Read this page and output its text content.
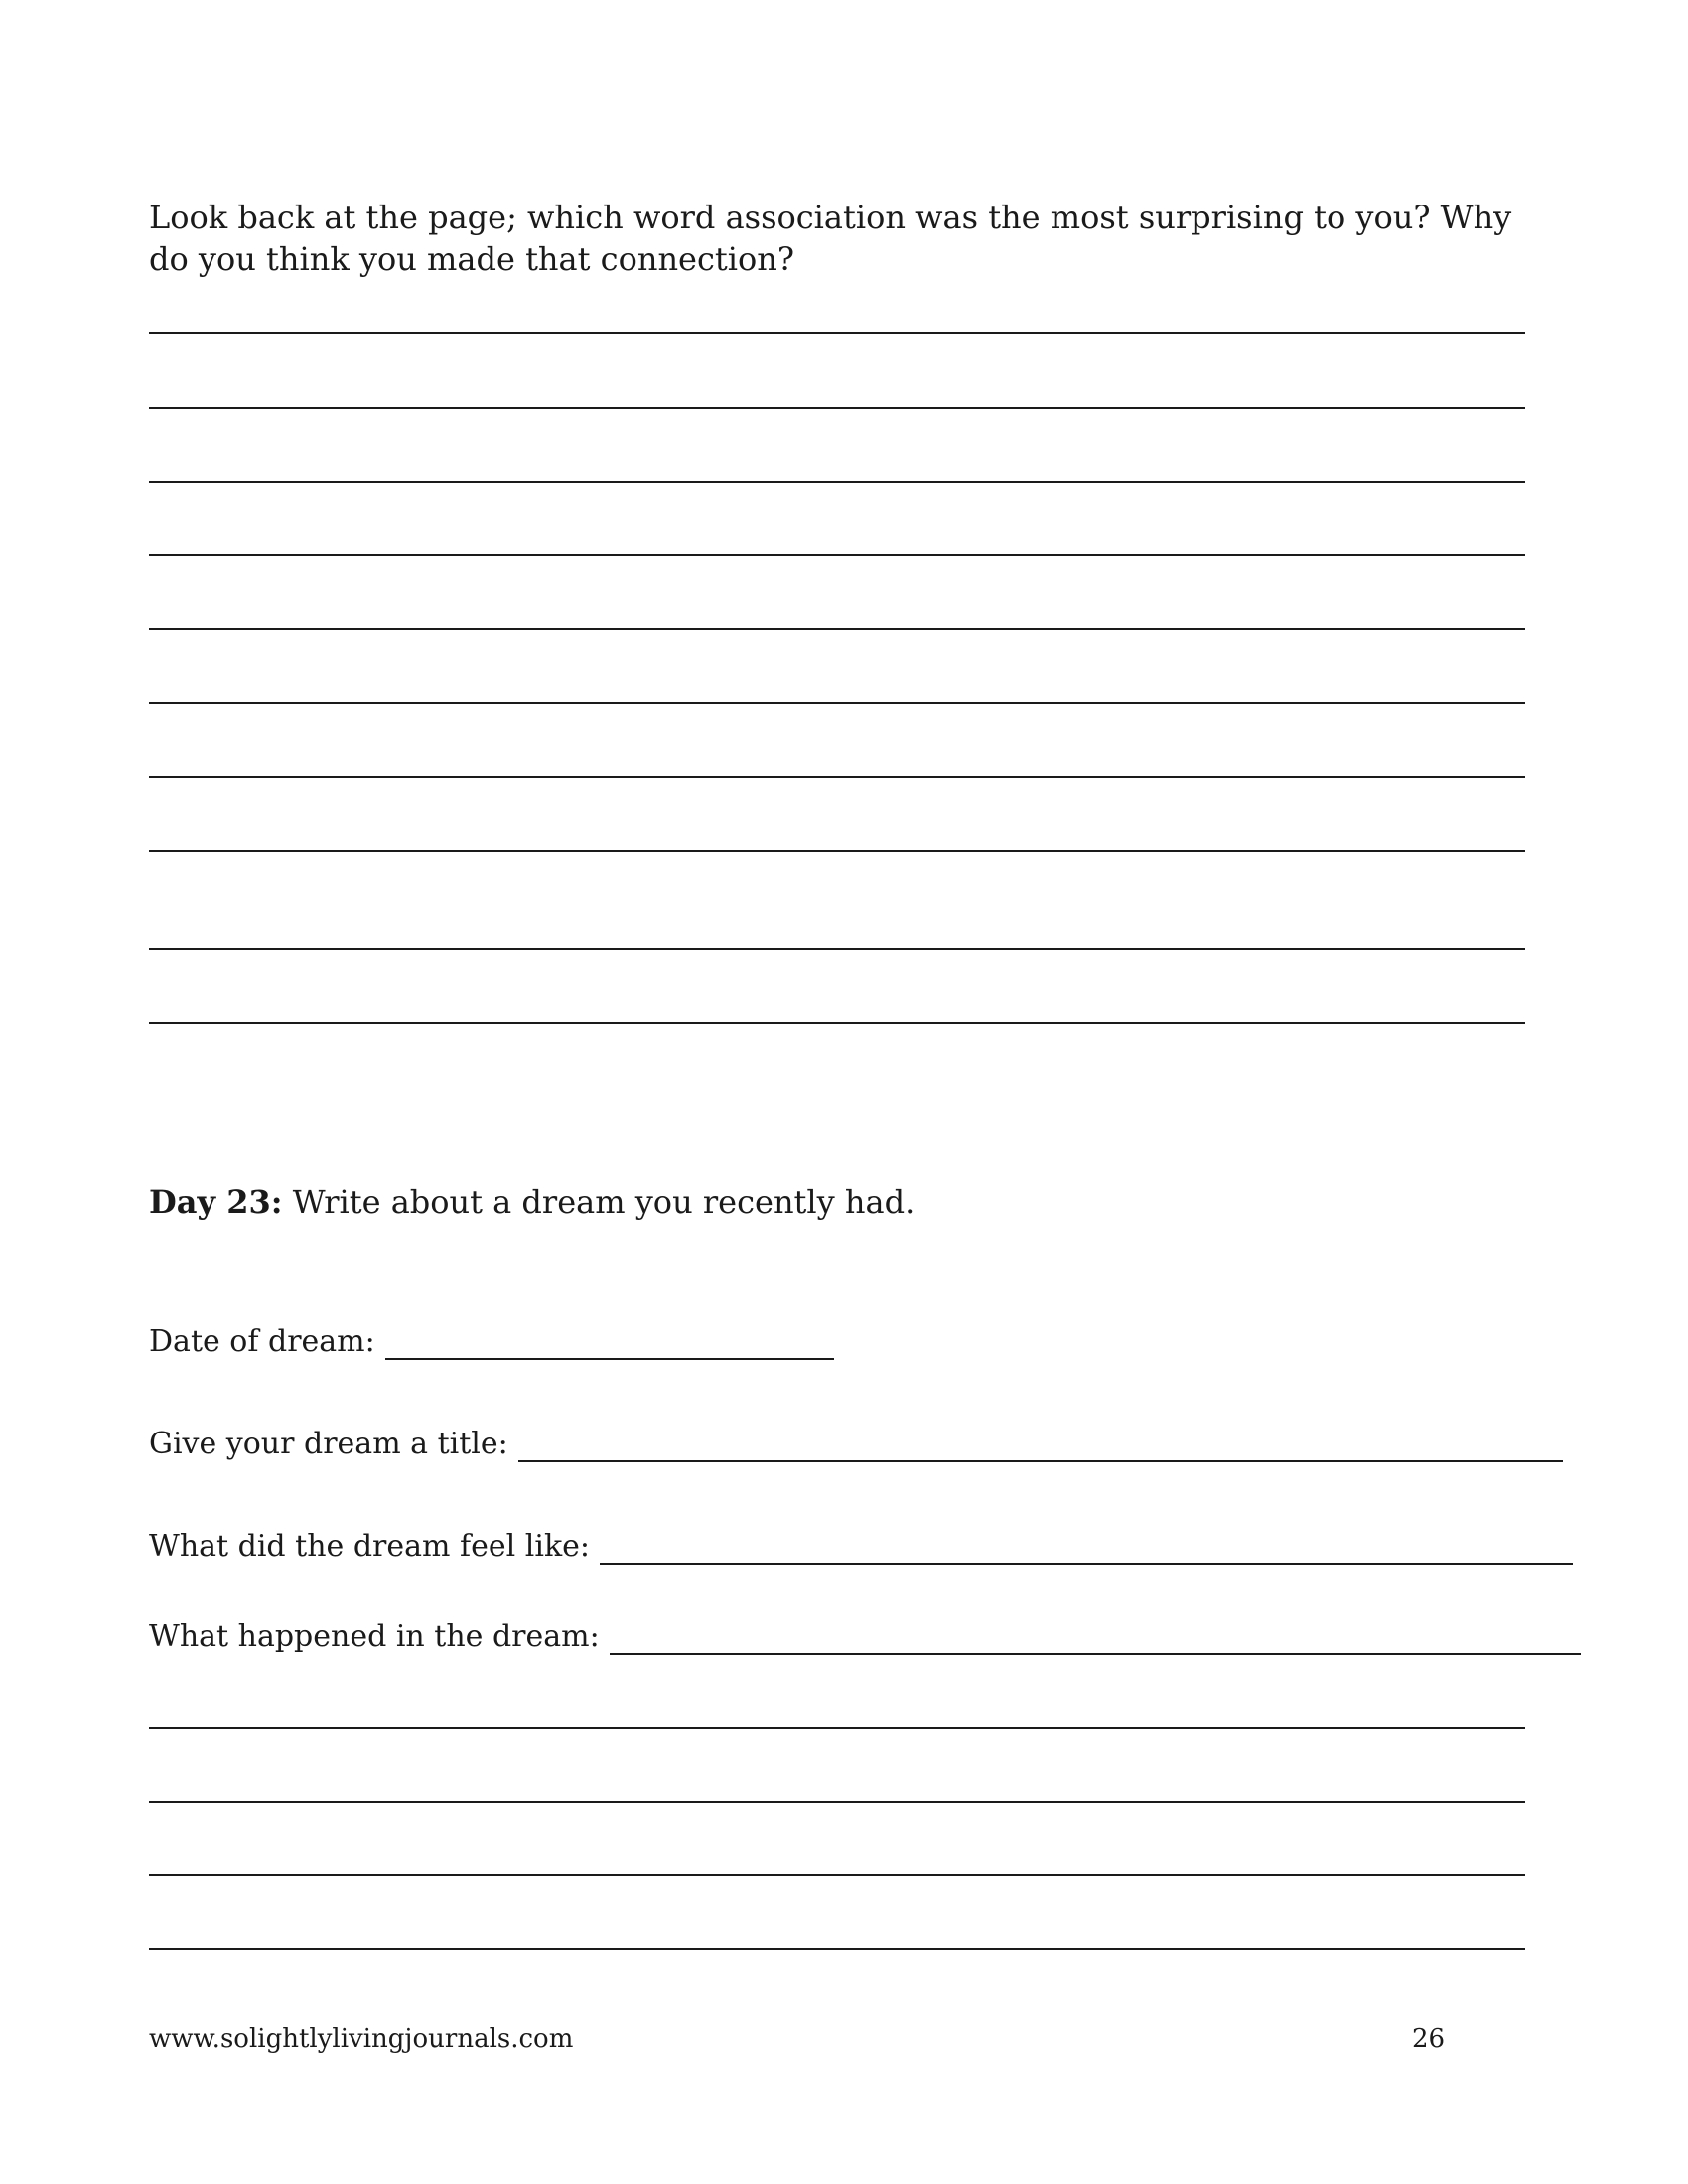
Look back at the page; which word association was the most surprising to you? Why do you think you made that connection?

Day 23: Write about a dream you recently had.

Date of dream:
Give your dream a title:
What did the dream feel like:
What happened in the dream:
www.solightlylivingjournals.com	26
